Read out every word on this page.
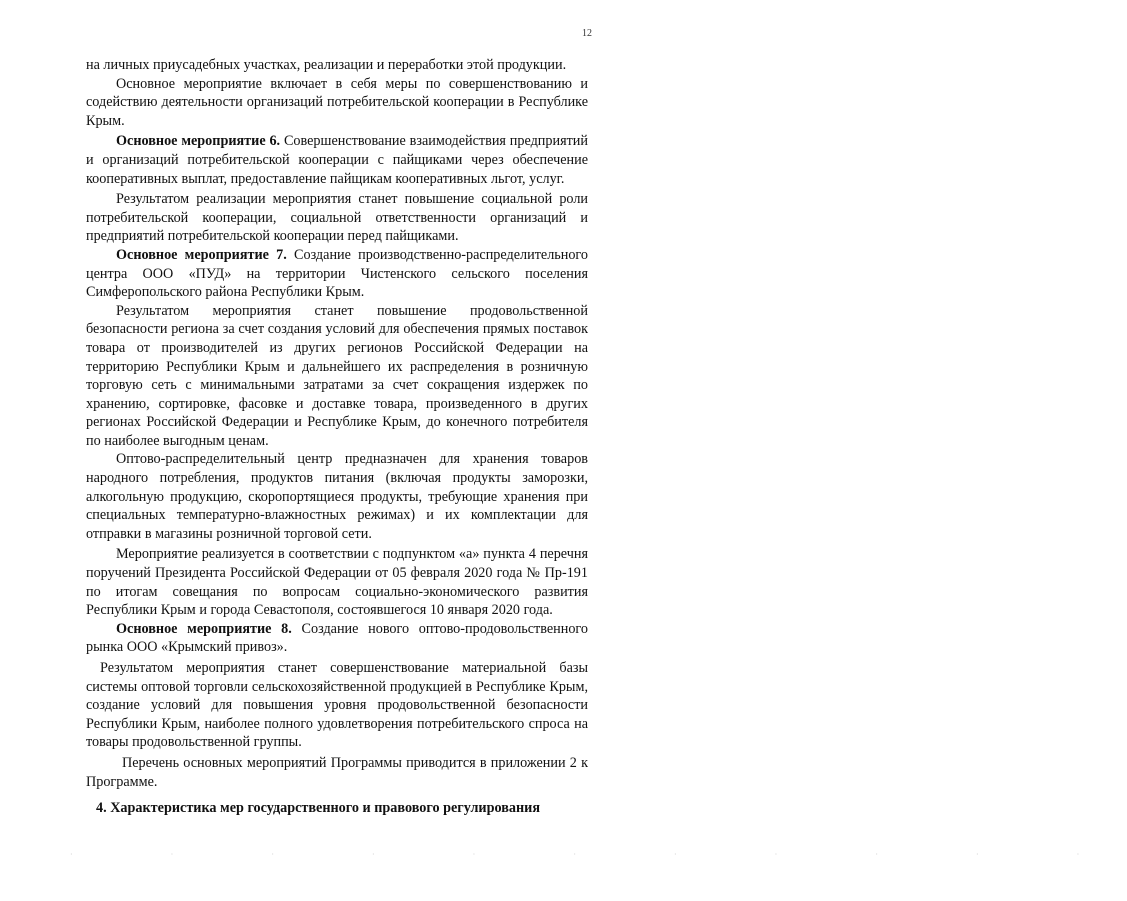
12

на личных приусадебных участках, реализации и переработки этой продукции.

Основное мероприятие включает в себя меры по совершенствованию и содействию деятельности организаций потребительской кооперации в Республике Крым.

Основное мероприятие 6. Совершенствование взаимодействия предприятий и организаций потребительской кооперации с пайщиками через обеспечение кооперативных выплат, предоставление пайщикам кооперативных льгот, услуг.

Результатом реализации мероприятия станет повышение социальной роли потребительской кооперации, социальной ответственности организаций и предприятий потребительской кооперации перед пайщиками.

Основное мероприятие 7. Создание производственно-распределительного центра ООО «ПУД» на территории Чистенского сельского поселения Симферопольского района Республики Крым.

Результатом мероприятия станет повышение продовольственной безопасности региона за счет создания условий для обеспечения прямых поставок товара от производителей из других регионов Российской Федерации на территорию Республики Крым и дальнейшего их распределения в розничную торговую сеть с минимальными затратами за счет сокращения издержек по хранению, сортировке, фасовке и доставке товара, произведенного в других регионах Российской Федерации и Республике Крым, до конечного потребителя по наиболее выгодным ценам.

Оптово-распределительный центр предназначен для хранения товаров народного потребления, продуктов питания (включая продукты заморозки, алкогольную продукцию, скоропортящиеся продукты, требующие хранения при специальных температурно-влажностных режимах) и их комплектации для отправки в магазины розничной торговой сети.

Мероприятие реализуется в соответствии с подпунктом «а» пункта 4 перечня поручений Президента Российской Федерации от 05 февраля 2020 года № Пр-191 по итогам совещания по вопросам социально-экономического развития Республики Крым и города Севастополя, состоявшегося 10 января 2020 года.

Основное мероприятие 8. Создание нового оптово-продовольственного рынка ООО «Крымский привоз».

Результатом мероприятия станет совершенствование материальной базы системы оптовой торговли сельскохозяйственной продукцией в Республике Крым, создание условий для повышения уровня продовольственной безопасности Республики Крым, наиболее полного удовлетворения потребительского спроса на товары продовольственной группы.

Перечень основных мероприятий Программы приводится в приложении 2 к Программе.

4. Характеристика мер государственного и правового регулирования
· · · · · · · · · · ·
